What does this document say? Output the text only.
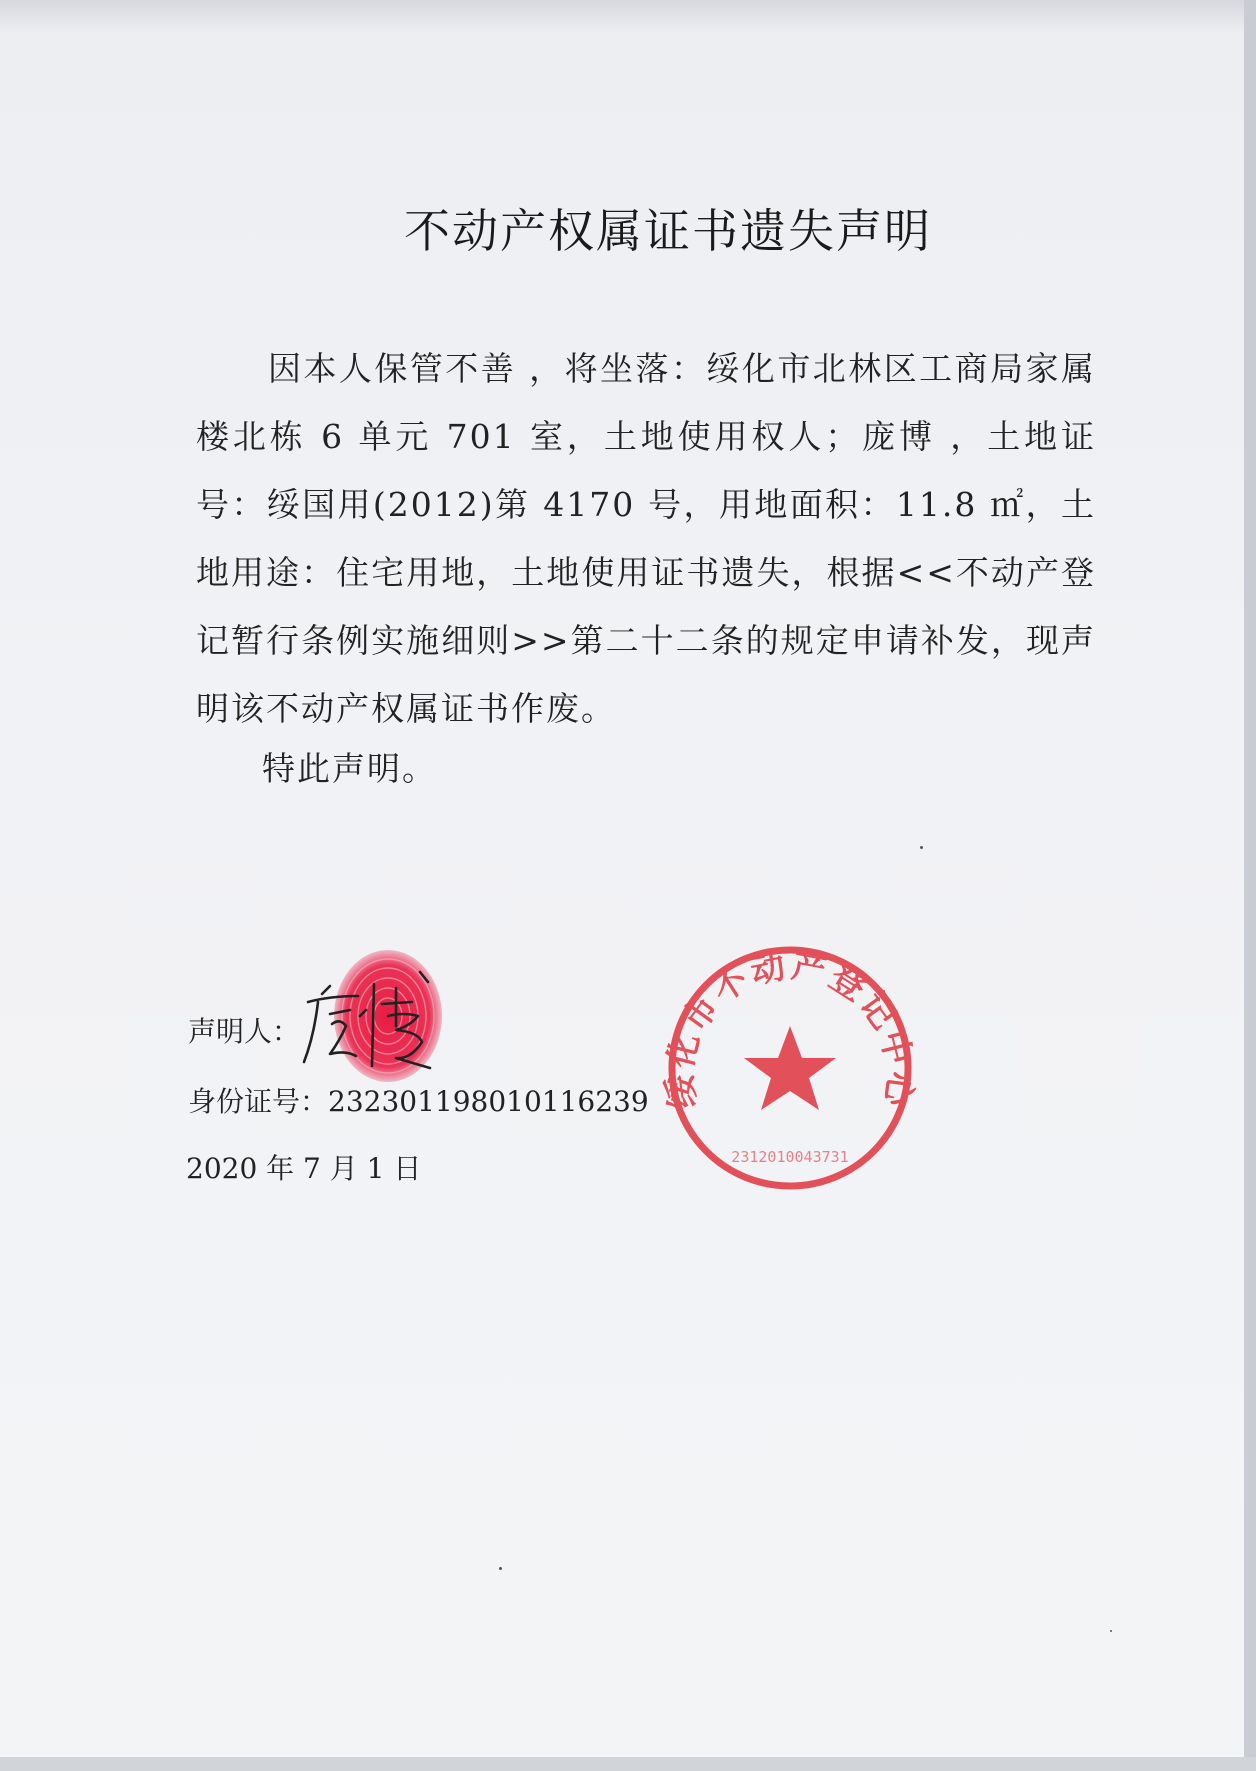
不动产权属证书遗失声明
因本人保管不善 ，将坐落：绥化市北林区工商局家属楼北栋 6 单元 701 室，土地使用权人；庞博 ，土地证号：绥国用(2012)第 4170 号，用地面积：11.8 ㎡，土地用途：住宅用地，土地使用证书遗失，根据<<不动产登记暂行条例实施细则>>第二十二条的规定申请补发，现声明该不动产权属证书作废。
特此声明。
声明人：
身份证号：232301198010116239
2020 年 7 月 1 日
绥化市不动产登记中心
2312010043731
